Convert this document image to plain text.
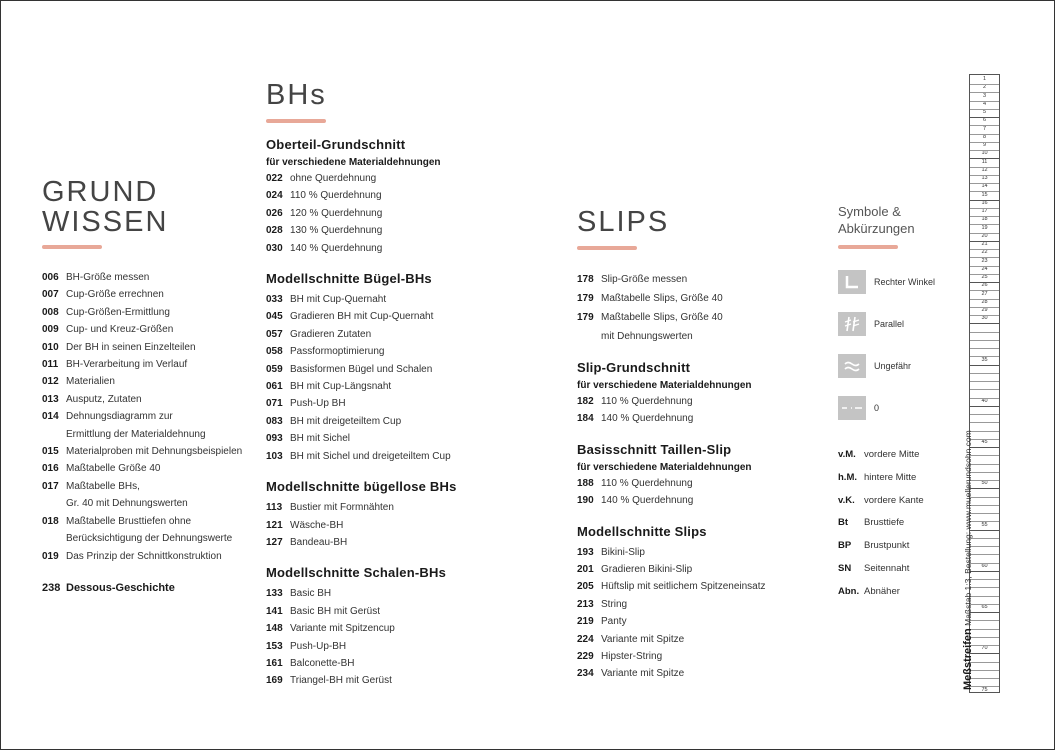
GRUND
WISSEN
006 BH-Größe messen
007 Cup-Größe errechnen
008 Cup-Größen-Ermittlung
009 Cup- und Kreuz-Größen
010 Der BH in seinen Einzelteilen
011 BH-Verarbeitung im Verlauf
012 Materialien
013 Ausputz, Zutaten
014 Dehnungsdiagramm zur
Ermittlung der Materialdehnung
015 Materialproben mit Dehnungsbeispielen
016 Maßtabelle Größe 40
017 Maßtabelle BHs,
Gr. 40 mit Dehnungswerten
018 Maßtabelle Brusttiefen ohne
Berücksichtigung der Dehnungswerte
019 Das Prinzip der Schnittkonstruktion
238 Dessous-Geschichte
BHs
Oberteil-Grundschnitt
für verschiedene Materialdehnungen
022 ohne Querdehnung
024 110 % Querdehnung
026 120 % Querdehnung
028 130 % Querdehnung
030 140 % Querdehnung
Modellschnitte Bügel-BHs
033 BH mit Cup-Quernaht
045 Gradieren BH mit Cup-Quernaht
057 Gradieren Zutaten
058 Passformoptimierung
059 Basisformen Bügel und Schalen
061 BH mit Cup-Längsnaht
071 Push-Up BH
083 BH mit dreigeteiltem Cup
093 BH mit Sichel
103 BH mit Sichel und dreigeteiltem Cup
Modellschnitte bügellose BHs
113 Bustier mit Formnähten
121 Wäsche-BH
127 Bandeau-BH
Modellschnitte Schalen-BHs
133 Basic BH
141 Basic BH mit Gerüst
148 Variante mit Spitzencup
153 Push-Up-BH
161 Balconette-BH
169 Triangel-BH mit Gerüst
SLIPS
178 Slip-Größe messen
179 Maßtabelle Slips, Größe 40
179 Maßtabelle Slips, Größe 40
mit Dehnungswerten
Slip-Grundschnitt
für verschiedene Materialdehnungen
182 110 % Querdehnung
184 140 % Querdehnung
Basisschnitt Taillen-Slip
für verschiedene Materialdehnungen
188 110 % Querdehnung
190 140 % Querdehnung
Modellschnitte Slips
193 Bikini-Slip
201 Gradieren Bikini-Slip
205 Hüftslip mit seitlichem Spitzeneinsatz
213 String
219 Panty
224 Variante mit Spitze
229 Hipster-String
234 Variante mit Spitze
Symbole &
Abkürzungen
Rechter Winkel
Parallel
Ungefähr
0
v.M. vordere Mitte
h.M. hintere Mitte
v.K. vordere Kante
Bt	Brusttiefe
BP	Brustpunkt
SN	Seitennaht
Abn. Abnäher
1
2
3
4
5
6
7
8
9
10
11
12
13
14
15
16
17
18
19
20
21
22
23
24
25
26
27
28
29
30
35
40
45
50
55
60
65
70
75
Meßstreifen Maßstab 1:3, Bestellung: www.muellerundsohn.com
